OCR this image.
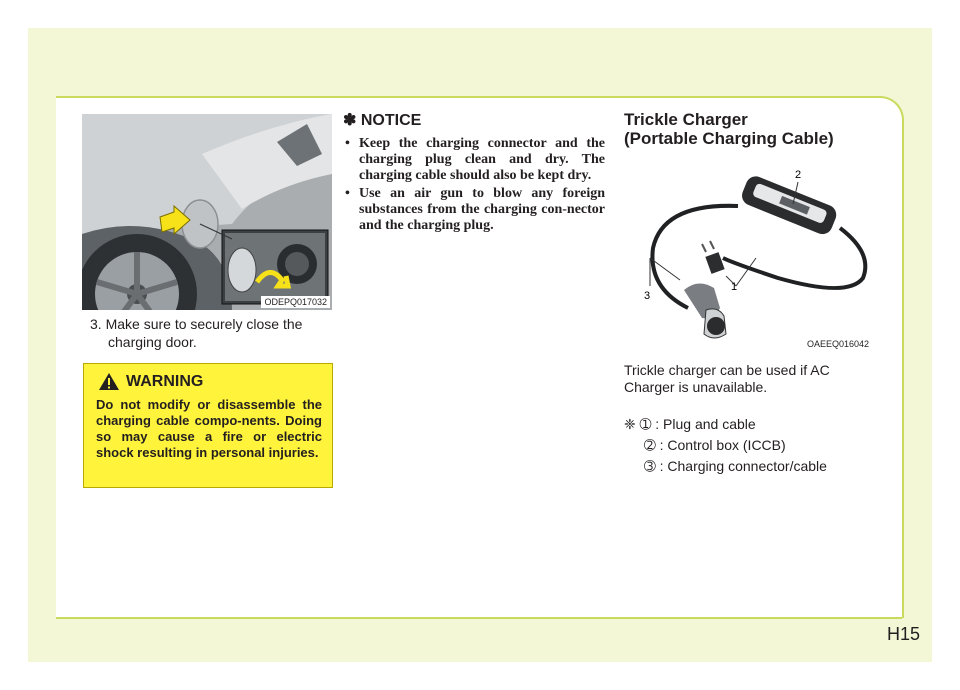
H15
ODEPQ017032

3. Make sure to securely close the
charging door.

WARNING
Do not modify or disassemble the charging cable compo-nents. Doing so may cause a fire or electric shock resulting in personal injuries.
✽ NOTICE
• Keep the charging connector and the charging plug clean and dry. The charging cable should also be kept dry.
• Use an air gun to blow any foreign substances from the charging con-nector and the charging plug.
Trickle Charger
(Portable Charging Cable)
2
1
3
OAEEQ016042
Trickle charger can be used if AC Charger is unavailable.
❈ ➀ : Plug and cable
➁ : Control box (ICCB)
➂ : Charging connector/cable
